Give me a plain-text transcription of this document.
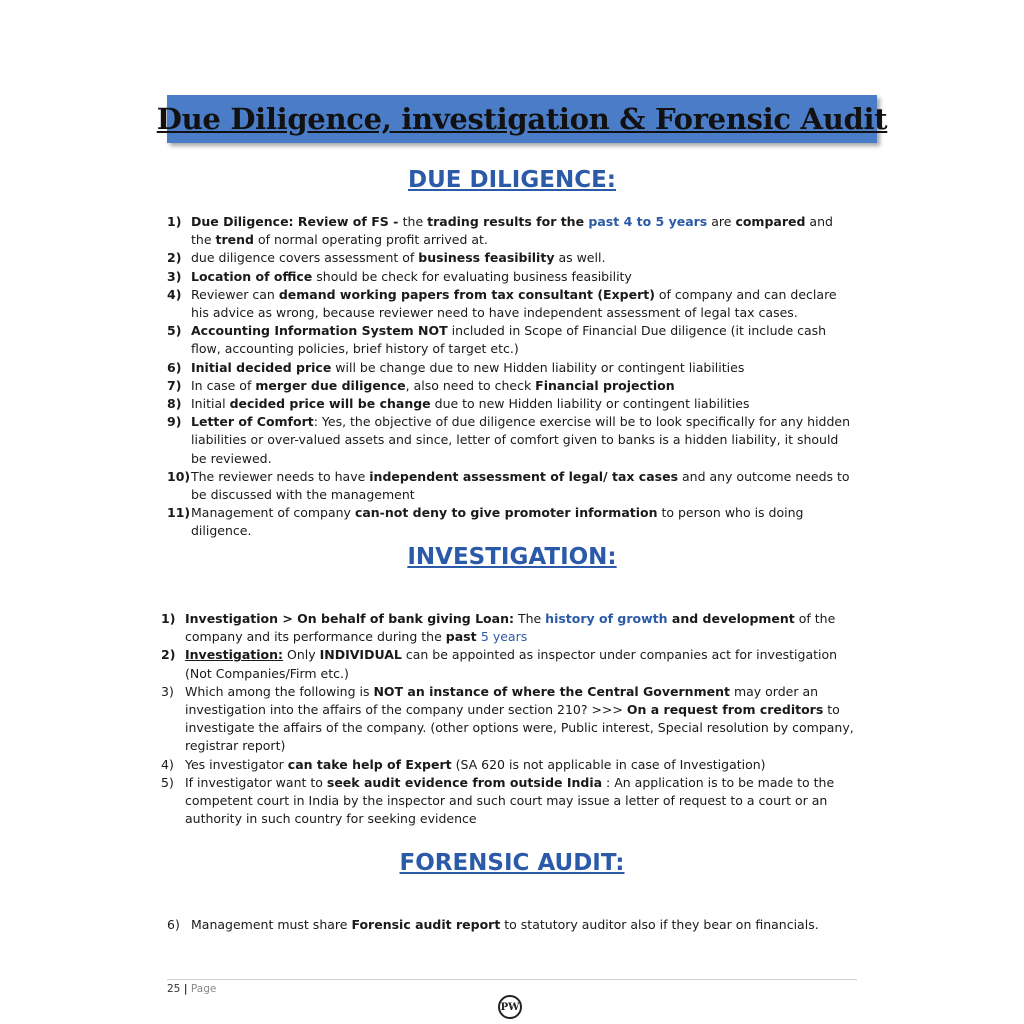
Due Diligence, investigation & Forensic Audit
DUE DILIGENCE:
1) Due Diligence: Review of FS - the trading results for the past 4 to 5 years are compared and the trend of normal operating profit arrived at.
2) due diligence covers assessment of business feasibility as well.
3) Location of office should be check for evaluating business feasibility
4) Reviewer can demand working papers from tax consultant (Expert) of company and can declare his advice as wrong, because reviewer need to have independent assessment of legal tax cases.
5) Accounting Information System NOT included in Scope of Financial Due diligence (it include cash flow, accounting policies, brief history of target etc.)
6) Initial decided price will be change due to new Hidden liability or contingent liabilities
7) In case of merger due diligence, also need to check Financial projection
8) Initial decided price will be change due to new Hidden liability or contingent liabilities
9) Letter of Comfort: Yes, the objective of due diligence exercise will be to look specifically for any hidden liabilities or over-valued assets and since, letter of comfort given to banks is a hidden liability, it should be reviewed.
10) The reviewer needs to have independent assessment of legal/ tax cases and any outcome needs to be discussed with the management
11) Management of company can-not deny to give promoter information to person who is doing diligence.
INVESTIGATION:
1) Investigation > On behalf of bank giving Loan: The history of growth and development of the company and its performance during the past 5 years
2) Investigation: Only INDIVIDUAL can be appointed as inspector under companies act for investigation (Not Companies/Firm etc.)
3) Which among the following is NOT an instance of where the Central Government may order an investigation into the affairs of the company under section 210? >>> On a request from creditors to investigate the affairs of the company. (other options were, Public interest, Special resolution by company, registrar report)
4) Yes investigator can take help of Expert (SA 620 is not applicable in case of Investigation)
5) If investigator want to seek audit evidence from outside India : An application is to be made to the competent court in India by the inspector and such court may issue a letter of request to a court or an authority in such country for seeking evidence
FORENSIC AUDIT:
6) Management must share Forensic audit report to statutory auditor also if they bear on financials.
25 | Page
PW
